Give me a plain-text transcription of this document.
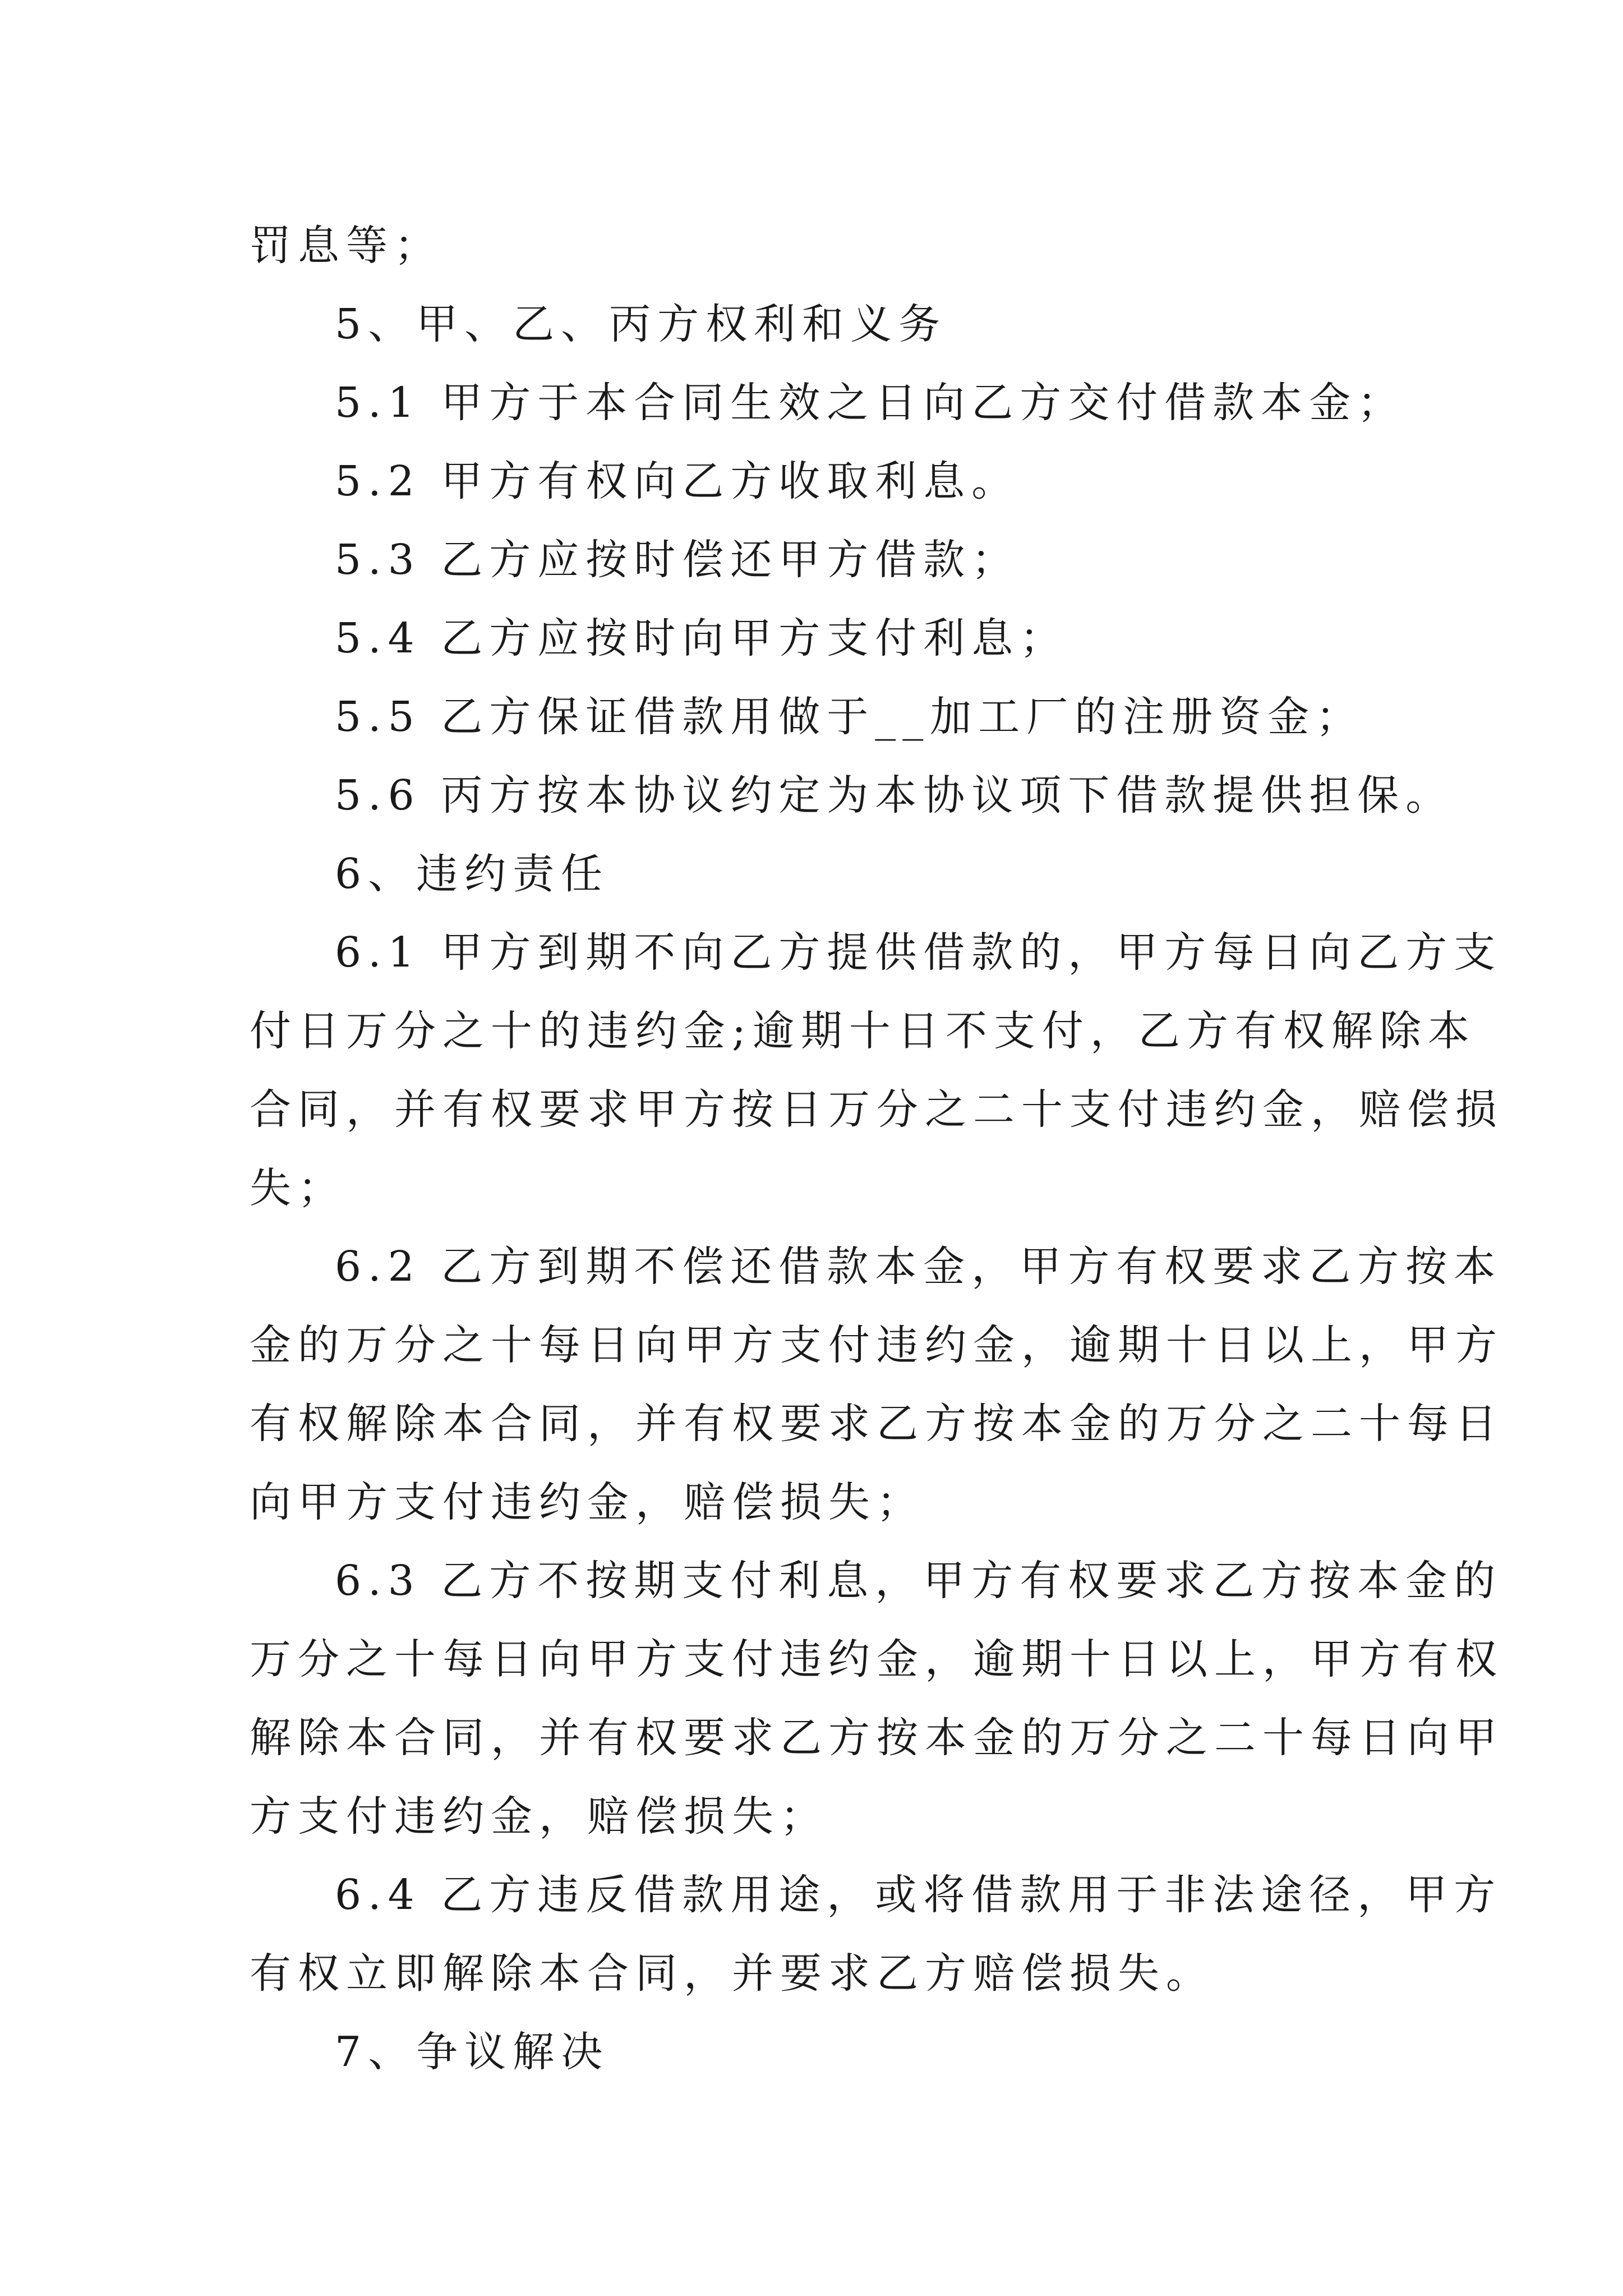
罚息等；

5、甲、乙、丙方权利和义务

5.1 甲方于本合同生效之日向乙方交付借款本金；

5.2 甲方有权向乙方收取利息。

5.3 乙方应按时偿还甲方借款；

5.4 乙方应按时向甲方支付利息；

5.5 乙方保证借款用做于__加工厂的注册资金；

5.6 丙方按本协议约定为本协议项下借款提供担保。

6、违约责任

6.1 甲方到期不向乙方提供借款的，甲方每日向乙方支

付日万分之十的违约金;逾期十日不支付，乙方有权解除本

合同，并有权要求甲方按日万分之二十支付违约金，赔偿损

失；

6.2 乙方到期不偿还借款本金，甲方有权要求乙方按本

金的万分之十每日向甲方支付违约金，逾期十日以上，甲方

有权解除本合同，并有权要求乙方按本金的万分之二十每日

向甲方支付违约金，赔偿损失；

6.3 乙方不按期支付利息，甲方有权要求乙方按本金的

万分之十每日向甲方支付违约金，逾期十日以上，甲方有权

解除本合同，并有权要求乙方按本金的万分之二十每日向甲

方支付违约金，赔偿损失；

6.4 乙方违反借款用途，或将借款用于非法途径，甲方

有权立即解除本合同，并要求乙方赔偿损失。

7、争议解决
